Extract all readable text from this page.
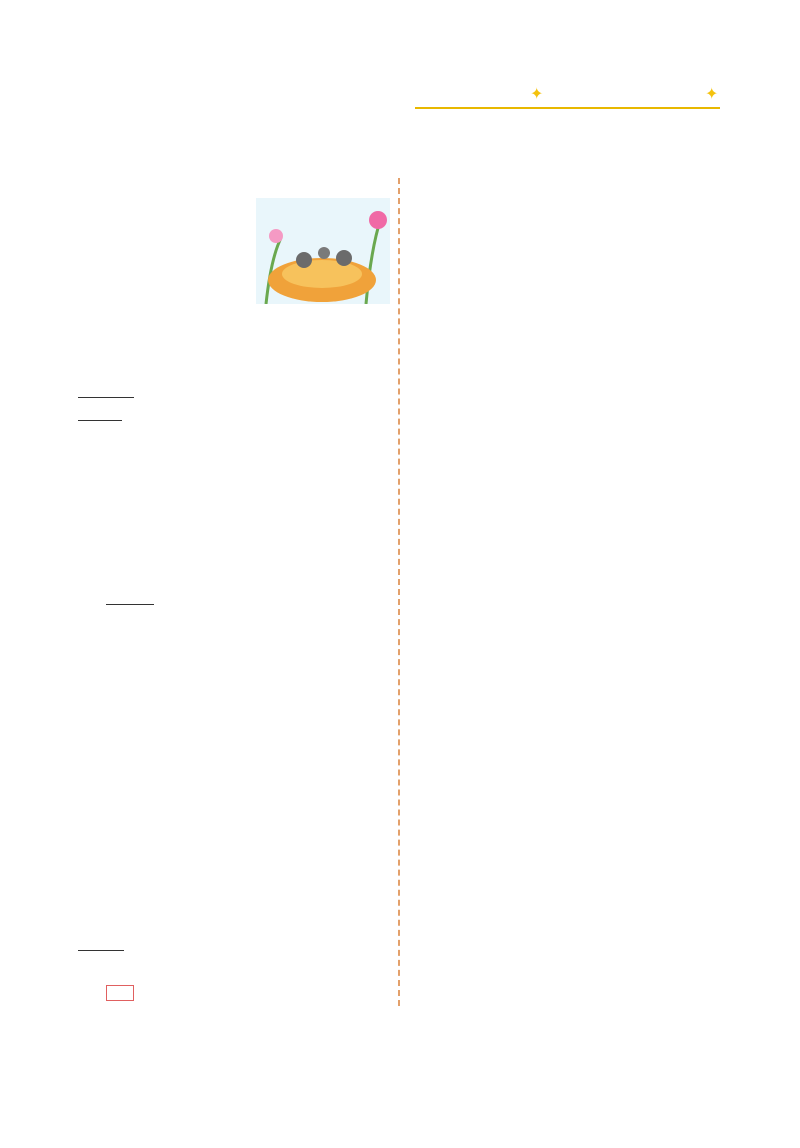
✦	✦
